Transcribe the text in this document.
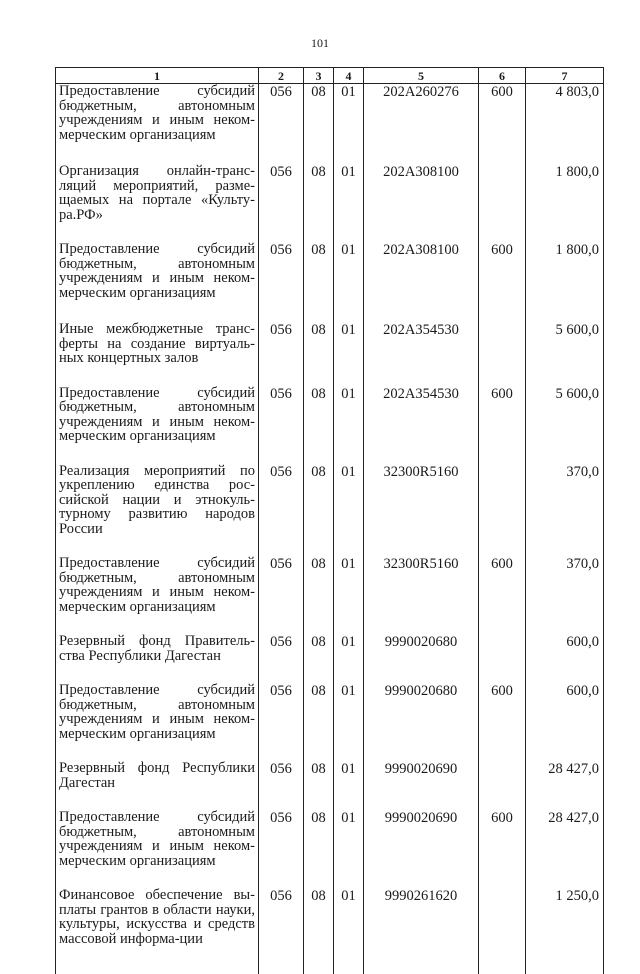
101
1	2	3	4	5	6	7
Предоставление субсидий бюджетным, автономным учреждениям и иным неком-мерческим организациям	056	08	01	202A260276	600	4 803,0

Организация онлайн-транс-ляций мероприятий, разме-щаемых на портале «Культу-ра.РФ»	056	08	01	202A308100		1 800,0

Предоставление субсидий бюджетным, автономным учреждениям и иным неком-мерческим организациям	056	08	01	202A308100	600	1 800,0

Иные межбюджетные транс-ферты на создание виртуаль-ных концертных залов	056	08	01	202A354530		5 600,0

Предоставление субсидий бюджетным, автономным учреждениям и иным неком-мерческим организациям	056	08	01	202A354530	600	5 600,0

Реализация мероприятий по укреплению единства рос-сийской нации и этнокуль-турному развитию народов России	056	08	01	32300R5160		370,0

Предоставление субсидий бюджетным, автономным учреждениям и иным неком-мерческим организациям	056	08	01	32300R5160	600	370,0

Резервный фонд Правитель-ства Республики Дагестан	056	08	01	9990020680		600,0

Предоставление субсидий бюджетным, автономным учреждениям и иным неком-мерческим организациям	056	08	01	9990020680	600	600,0

Резервный фонд Республики Дагестан	056	08	01	9990020690		28 427,0

Предоставление субсидий бюджетным, автономным учреждениям и иным неком-мерческим организациям	056	08	01	9990020690	600	28 427,0

Финансовое обеспечение вы-платы грантов в области науки, культуры, искусства и средств массовой информа-ции	056	08	01	9990261620		1 250,0
